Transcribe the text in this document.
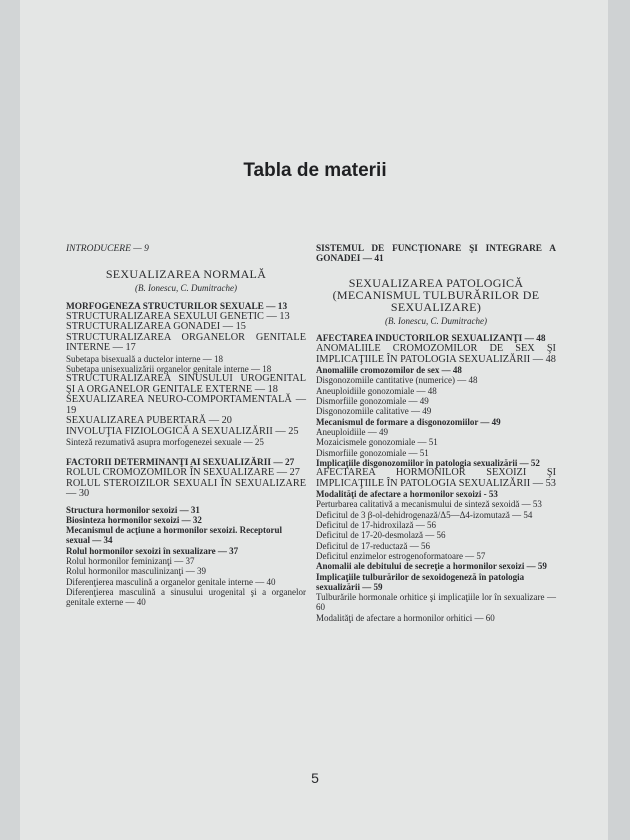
Tabla de materii
INTRODUCERE — 9
SEXUALIZAREA NORMALĂ
(B. Ionescu, C. Dumitrache)
MORFOGENEZA STRUCTURILOR SEXUALE — 13
STRUCTURALIZAREA SEXULUI GENETIC — 13
STRUCTURALIZAREA GONADEI — 15
STRUCTURALIZAREA ORGANELOR GENITALE INTERNE — 17
Subetapa bisexuală a ductelor interne — 18
Subetapa unisexualizării organelor genitale interne — 18
STRUCTURALIZAREA SINUSULUI UROGENITAL ŞI A ORGANELOR GENITALE EXTERNE — 18
SEXUALIZAREA NEURO-COMPORTAMENTALĂ — 19
SEXUALIZAREA PUBERTARĂ — 20
INVOLUŢIA FIZIOLOGICĂ A SEXUALIZĂRII — 25
Sinteză rezumativă asupra morfogenezei sexuale — 25
FACTORII DETERMINANŢI AI SEXUALIZĂRII — 27
ROLUL CROMOZOMILOR ÎN SEXUALIZARE — 27
ROLUL STEROIZILOR SEXUALI ÎN SEXUALIZARE — 30
Structura hormonilor sexoizi — 31
Biosinteza hormonilor sexoizi — 32
Mecanismul de acţiune a hormonilor sexoizi. Receptorul sexual — 34
Rolul hormonilor sexoizi în sexualizare — 37
Rolul hormonilor feminizanţi — 37
Rolul hormonilor masculinizanţi — 39
Diferenţierea masculină a organelor genitale interne — 40
Diferenţierea masculină a sinusului urogenital şi a organelor genitale externe — 40
SISTEMUL DE FUNCŢIONARE ŞI INTEGRARE A GONADEI — 41
SEXUALIZAREA PATOLOGICĂ (MECANISMUL TULBURĂRILOR DE SEXUALIZARE)
(B. Ionescu, C. Dumitrache)
AFECTAREA INDUCTORILOR SEXUALIZANŢI — 48
ANOMALIILE CROMOZOMILOR DE SEX ŞI IMPLICAŢIILE ÎN PATOLOGIA SEXUALIZĂRII — 48
Anomaliile cromozomilor de sex — 48
Disgonozomiile cantitative (numerice) — 48
Aneuploidiile gonozomiale — 48
Dismorfiile gonozomiale — 49
Disgonozomiile calitative — 49
Mecanismul de formare a disgonozomiilor — 49
Aneuploidiile — 49
Mozaicismele gonozomiale — 51
Dismorfiile gonozomiale — 51
Implicaţiile disgonozomiilor în patologia sexualizării — 52
AFECTAREA HORMONILOR SEXOIZI ŞI IMPLICAŢIILE ÎN PATOLOGIA SEXUALIZĂRII — 53
Modalităţi de afectare a hormonilor sexoizi - 53
Perturbarea calitativă a mecanismului de sinteză sexoidă — 53
Deficitul de 3 β-ol-dehidrogenază/Δ5—Δ4-izomutază — 54
Deficitul de 17-hidroxilază — 56
Deficitul de 17-20-desmolază — 56
Deficitul de 17-reductază — 56
Deficitul enzimelor estrogenoformatoare — 57
Anomalii ale debitului de secreţie a hormonilor sexoizi — 59
Implicaţiile tulburărilor de sexoidogeneză în patologia sexualizării — 59
Tulburările hormonale orhitice şi implicaţiile lor în sexualizare — 60
Modalităţi de afectare a hormonilor orhitici — 60
5
